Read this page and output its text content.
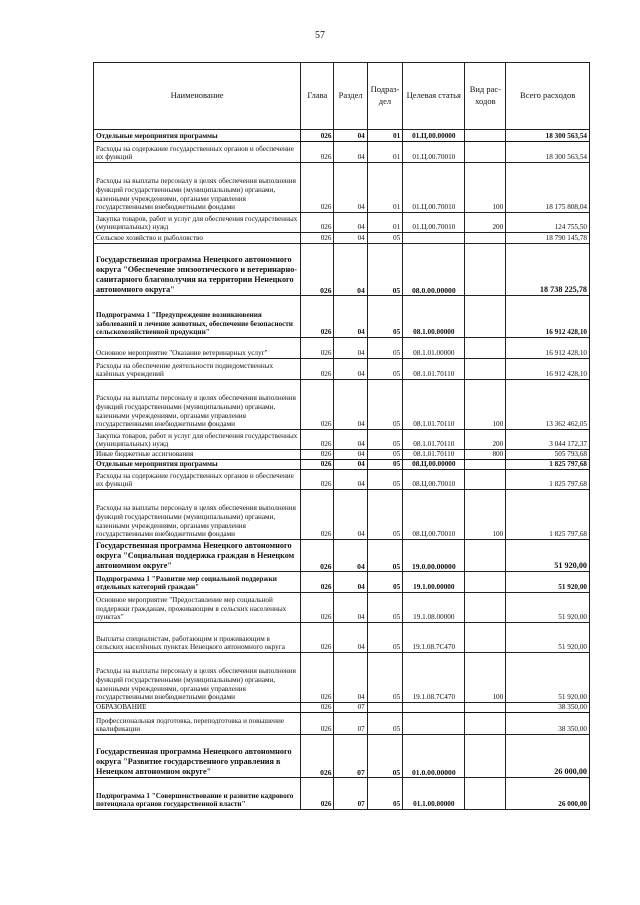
57
Наименование	Глава	Раздел	Подраз-дел	Целевая статья	Вид рас-ходов	Всего расходов
Отдельные мероприятия программы	026	04	01	01.Ц.00.00000		18 300 563,54
Расходы на содержание государственных органов и обеспечение их функций	026	04	01	01.Ц.00.70010		18 300 563,54
Расходы на выплаты персоналу в целях обеспечения выполнения функций государственными (муниципальными) органами, казенными учреждениями, органами управления государственными внебюджетными фондами	026	04	01	01.Ц.00.70010	100	18 175 808,04
Закупка товаров, работ и услуг для обеспечения государственных (муниципальных) нужд	026	04	01	01.Ц.00.70010	200	124 755,50
Сельское хозяйство и рыболовство	026	04	05			18 790 145,78
Государственная программа Ненецкого автономного округа "Обеспечение эпизоотического и ветеринарно-санитарного благополучия на территории Ненецкого автономного округа"	026	04	05	08.0.00.00000		18 738 225,78
Подпрограмма 1 "Предупреждение возникновения заболеваний и лечение животных, обеспечение безопасности сельскохозяйственной продукции"	026	04	05	08.1.00.00000		16 912 428,10
Основное мероприятие "Оказание ветеринарных услуг"	026	04	05	08.1.01.00000		16 912 428,10
Расходы на обеспечение деятельности подведомственных казённых учреждений	026	04	05	08.1.01.70110		16 912 428,10
Расходы на выплаты персоналу в целях обеспечения выполнения функций государственными (муниципальными) органами, казенными учреждениями, органами управления государственными внебюджетными фондами	026	04	05	08.1.01.70110	100	13 362 462,05
Закупка товаров, работ и услуг для обеспечения государственных (муниципальных) нужд	026	04	05	08.1.01.70110	200	3 044 172,37
Иные бюджетные ассигнования	026	04	05	08.1.01.70110	800	505 793,68
Отдельные мероприятия программы	026	04	05	08.Ц.00.00000		1 825 797,68
Расходы на содержание государственных органов и обеспечение их функций	026	04	05	08.Ц.00.70010		1 825 797,68
Расходы на выплаты персоналу в целях обеспечения выполнения функций государственными (муниципальными) органами, казенными учреждениями, органами управления государственными внебюджетными фондами	026	04	05	08.Ц.00.70010	100	1 825 797,68
Государственная программа Ненецкого автономного округа "Социальная поддержка граждан в Ненецком автономном округе"	026	04	05	19.0.00.00000		51 920,00
Подпрограмма 1 "Развитие мер социальной поддержки отдельных категорий граждан"	026	04	05	19.1.00.00000		51 920,00
Основное мероприятие "Предоставление мер социальной поддержки гражданам, проживающим в сельских населенных пунктах"	026	04	05	19.1.08.00000		51 920,00
Выплаты специалистам, работающим и проживающим в сельских населённых пунктах Ненецкого автономного округа	026	04	05	19.1.08.7С470		51 920,00
Расходы на выплаты персоналу в целях обеспечения выполнения функций государственными (муниципальными) органами, казенными учреждениями, органами управления государственными внебюджетными фондами	026	04	05	19.1.08.7С470	100	51 920,00
ОБРАЗОВАНИЕ	026	07				38 350,00
Профессиональная подготовка, переподготовка и повышение квалификации	026	07	05			38 350,00
Государственная программа Ненецкого автономного округа "Развитие государственного управления в Ненецком автономном округе"	026	07	05	01.0.00.00000		26 000,00
Подпрограмма 1 "Совершенствование и развитие кадрового потенциала органов государственной власти"	026	07	05	01.1.00.00000		26 000,00
